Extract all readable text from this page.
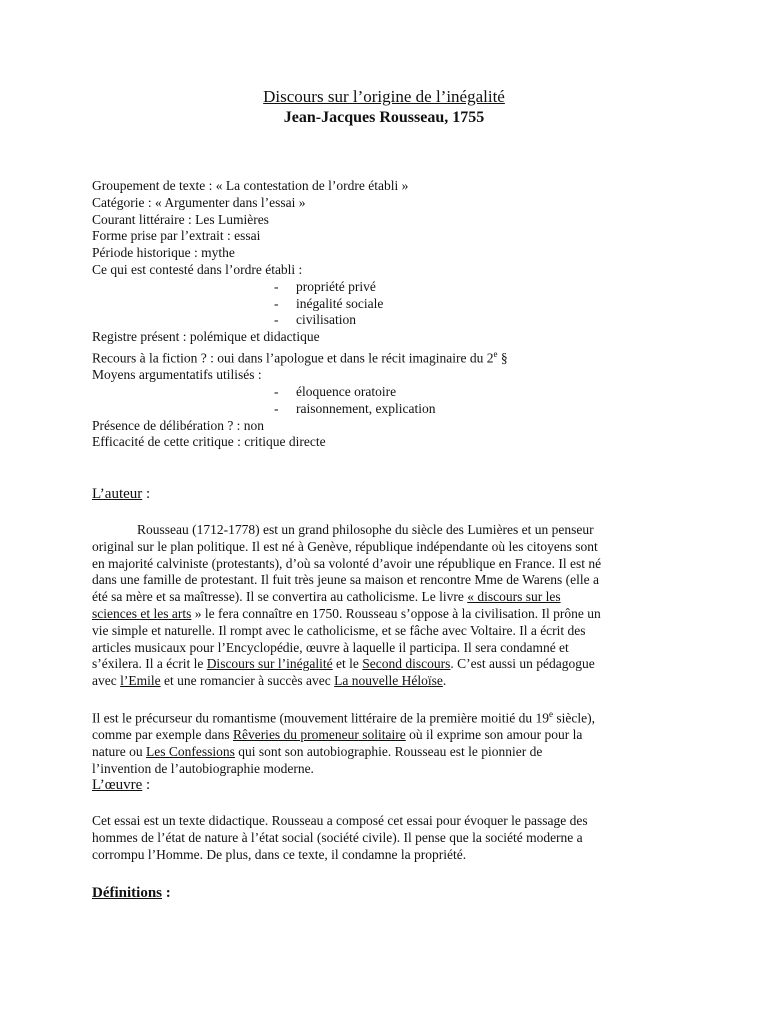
Discours sur l’origine de l’inégalité
Jean-Jacques Rousseau, 1755
Groupement de texte : « La contestation de l’ordre établi »
Catégorie : « Argumenter dans l’essai »
Courant littéraire : Les Lumières
Forme prise par l’extrait : essai
Période historique : mythe
Ce qui est contesté dans l’ordre établi :
- propriété privé
- inégalité sociale
- civilisation
Registre présent : polémique et didactique
Recours à la fiction ? : oui dans l’apologue et dans le récit imaginaire du 2e §
Moyens argumentatifs utilisés :
- éloquence oratoire
- raisonnement, explication
Présence de délibération ? : non
Efficacité de cette critique : critique directe
L’auteur :
Rousseau (1712-1778) est un grand philosophe du siècle des Lumières et un penseur
original sur le plan politique. Il est né à Genève, république indépendante où les citoyens sont
en majorité calviniste (protestants), d’où sa volonté d’avoir une république en France. Il est né
dans une famille de protestant. Il fuit très jeune sa maison et rencontre Mme de Warens (elle a
été sa mère et sa maîtresse). Il se convertira au catholicisme. Le livre « discours sur les
sciences et les arts » le fera connaître en 1750. Rousseau s’oppose à la civilisation. Il prône un
vie simple et naturelle. Il rompt avec le catholicisme, et se fâche avec Voltaire. Il a écrit des
articles musicaux pour l’Encyclopédie, œuvre à laquelle il participa. Il sera condamné et
s’éxilera. Il a écrit le Discours sur l’inégalité et le Second discours. C’est aussi un pédagogue
avec l’Emile et une romancier à succès avec La nouvelle Héloïse.
Il est le précurseur du romantisme (mouvement littéraire de la première moitié du 19e siècle),
comme par exemple dans Rêveries du promeneur solitaire où il exprime son amour pour la
nature ou Les Confessions qui sont son autobiographie. Rousseau est le pionnier de
l’invention de l’autobiographie moderne.
L’œuvre :
Cet essai est un texte didactique. Rousseau a composé cet essai pour évoquer le passage des
hommes de l’état de nature à l’état social (société civile). Il pense que la société moderne a
corrompu l’Homme. De plus, dans ce texte, il condamne la propriété.
Définitions :
